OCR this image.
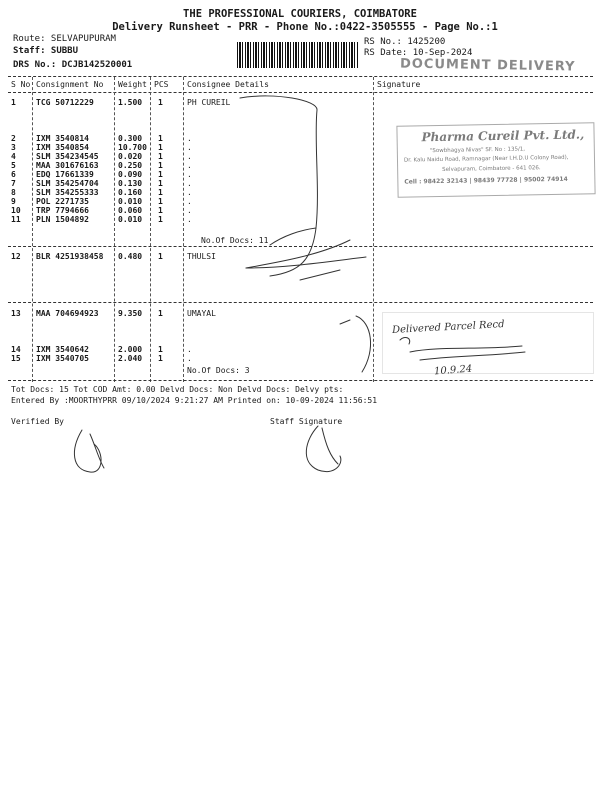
THE PROFESSIONAL COURIERS, COIMBATORE
Delivery Runsheet - PRR - Phone No.:0422-3505555 - Page No.:1
Route: SELVAPUPURAM
Staff: SUBBU
DRS No.: DCJB142520001
RS No.: 1425200
RS Date: 10-Sep-2024
DOCUMENT DELIVERY
S No Consignment No Weight PCS Consignee Details	Signature
1	TCG 50712229	1.500 1	PH CUREIL
2	IXM 3540814	0.300 1	.
3	IXM 3540854	10.700 1	.
4	SLM 354234545 0.020 1	.
5	MAA 301676163 0.250 1	.
6	EDQ 17661339	0.090 1	.
7	SLM 354254704 0.130 1	.
8	SLM 354255333 0.160 1	.
9	POL 2271735	0.010 1	.
10 TRP 7794666	0.060 1	.
11 PLN 1504892	0.010 1	.
No.Of Docs: 11
12 BLR 4251938458 0.480 1	THULSI
13 MAA 704694923 9.350 1	UMAYAL
14 IXM 3540642	2.000 1	.
15 IXM 3540705	2.040 1	.
No.Of Docs: 3
Tot Docs: 15 Tot COD Amt: 0.00 Delvd Docs: Non Delvd Docs: Delvy pts:
Entered By :MOORTHYPRR 09/10/2024 9:21:27 AM Printed on: 10-09-2024 11:56:51
Verified By	Staff Signature
Pharma Cureil Pvt. Ltd.,
"Sowbhagya Nivas" SF. No : 135/1,
Dr. Kalu Naidu Road, Ramnagar (Near I.H.D.U Colony Road),
Selvapuram, Coimbatore - 641 026.
Cell : 98422 32143 | 98439 77728 | 95002 74914
Delivered Parcel Recd
10.9.24
